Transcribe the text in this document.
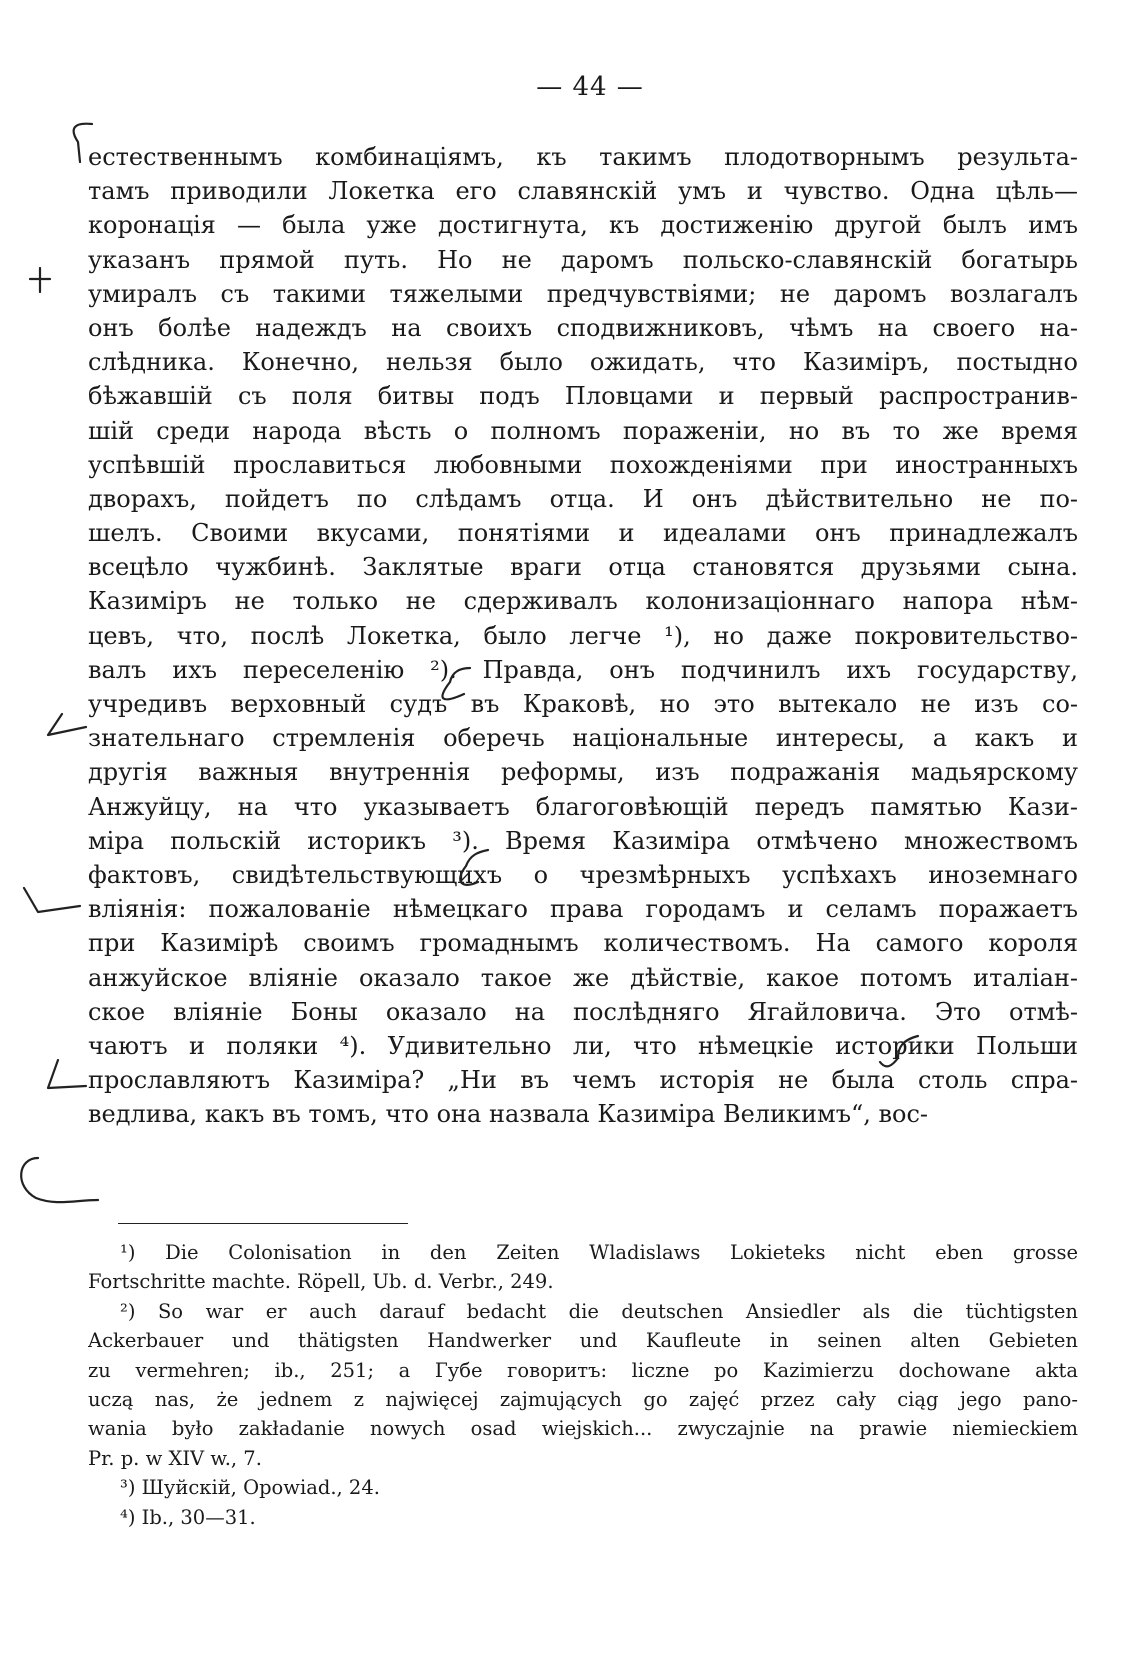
— 44 —
естественнымъ комбинаціямъ, къ такимъ плодотворнымъ результа-
тамъ приводили Локетка его славянскій умъ и чувство. Одна цѣль—
коронація — была уже достигнута, къ достиженію другой былъ имъ
указанъ прямой путь. Но не даромъ польско-славянскій богатырь
умиралъ съ такими тяжелыми предчувствіями; не даромъ возлагалъ
онъ болѣе надеждъ на своихъ сподвижниковъ, чѣмъ на своего на-
слѣдника. Конечно, нельзя было ожидать, что Казиміръ, постыдно
бѣжавшій съ поля битвы подъ Пловцами и первый распространив-
шій среди народа вѣсть о полномъ пораженіи, но въ то же время
успѣвшій прославиться любовными похожденіями при иностранныхъ
дворахъ, пойдетъ по слѣдамъ отца. И онъ дѣйствительно не по-
шелъ. Своими вкусами, понятіями и идеалами онъ принадлежалъ
всецѣло чужбинѣ. Заклятые враги отца становятся друзьями сына.
Казиміръ не только не сдерживалъ колонизаціоннаго напора нѣм-
цевъ, что, послѣ Локетка, было легче ¹), но даже покровительство-
валъ ихъ переселенію ²). Правда, онъ подчинилъ ихъ государству,
учредивъ верховный судъ въ Краковѣ, но это вытекало не изъ со-
знательнаго стремленія оберечь національные интересы, а какъ и
другія важныя внутреннія реформы, изъ подражанія мадьярскому
Анжуйцу, на что указываетъ благоговѣющій передъ памятью Кази-
міра польскій историкъ ³). Время Казиміра отмѣчено множествомъ
фактовъ, свидѣтельствующихъ о чрезмѣрныхъ успѣхахъ иноземнаго
вліянія: пожалованіе нѣмецкаго права городамъ и селамъ поражаетъ
при Казимірѣ своимъ громаднымъ количествомъ. На самого короля
анжуйское вліяніе оказало такое же дѣйствіе, какое потомъ италіан-
ское вліяніе Боны оказало на послѣдняго Ягайловича. Это отмѣ-
чаютъ и поляки ⁴). Удивительно ли, что нѣмецкіе историки Польши
прославляютъ Казиміра? „Ни въ чемъ исторія не была столь спра-
ведлива, какъ въ томъ, что она назвала Казиміра Великимъ“, вос-
¹) Die Colonisation in den Zeiten Wladislaws Lokieteks nicht eben grosse
Fortschritte machte. Röpell, Ub. d. Verbr., 249.
²) So war er auch darauf bedacht die deutschen Ansiedler als die tüchtigsten
Ackerbauer und thätigsten Handwerker und Kaufleute in seinen alten Gebieten
zu vermehren; ib., 251; а Губе говоритъ: liczne po Kazimierzu dochowane akta
uczą nas, że jednem z najwięcej zajmujących go zajęć przez cały ciąg jego pano-
wania było zakładanie nowych osad wiejskich... zwyczajnie na prawie niemieckiem
Pr. p. w XIV w., 7.
³) Шуйскій, Opowiad., 24.
⁴) Ib., 30—31.
